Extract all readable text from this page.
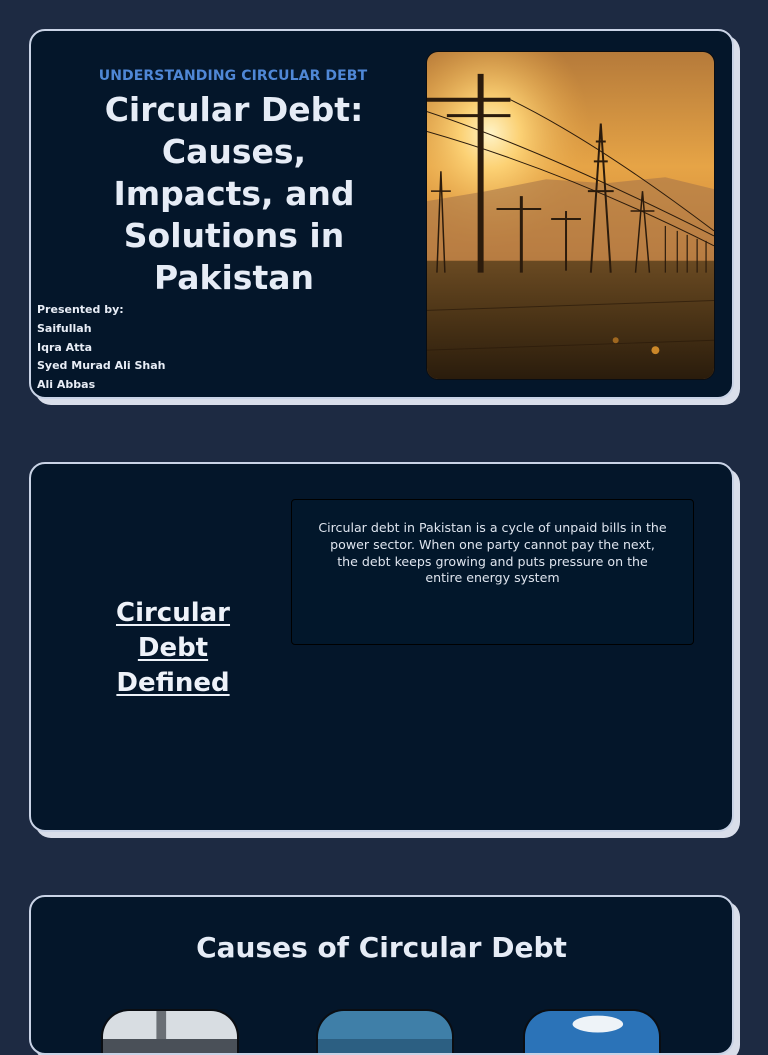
UNDERSTANDING CIRCULAR DEBT
Circular Debt: Causes, Impacts, and Solutions in Pakistan
Presented by:
Saifullah
Iqra Atta
Syed Murad Ali Shah
Ali Abbas
Circular Debt Defined

Circular debt in Pakistan is a cycle of unpaid bills in the power sector. When one party cannot pay the next, the debt keeps growing and puts pressure on the entire energy system

Causes of Circular Debt
